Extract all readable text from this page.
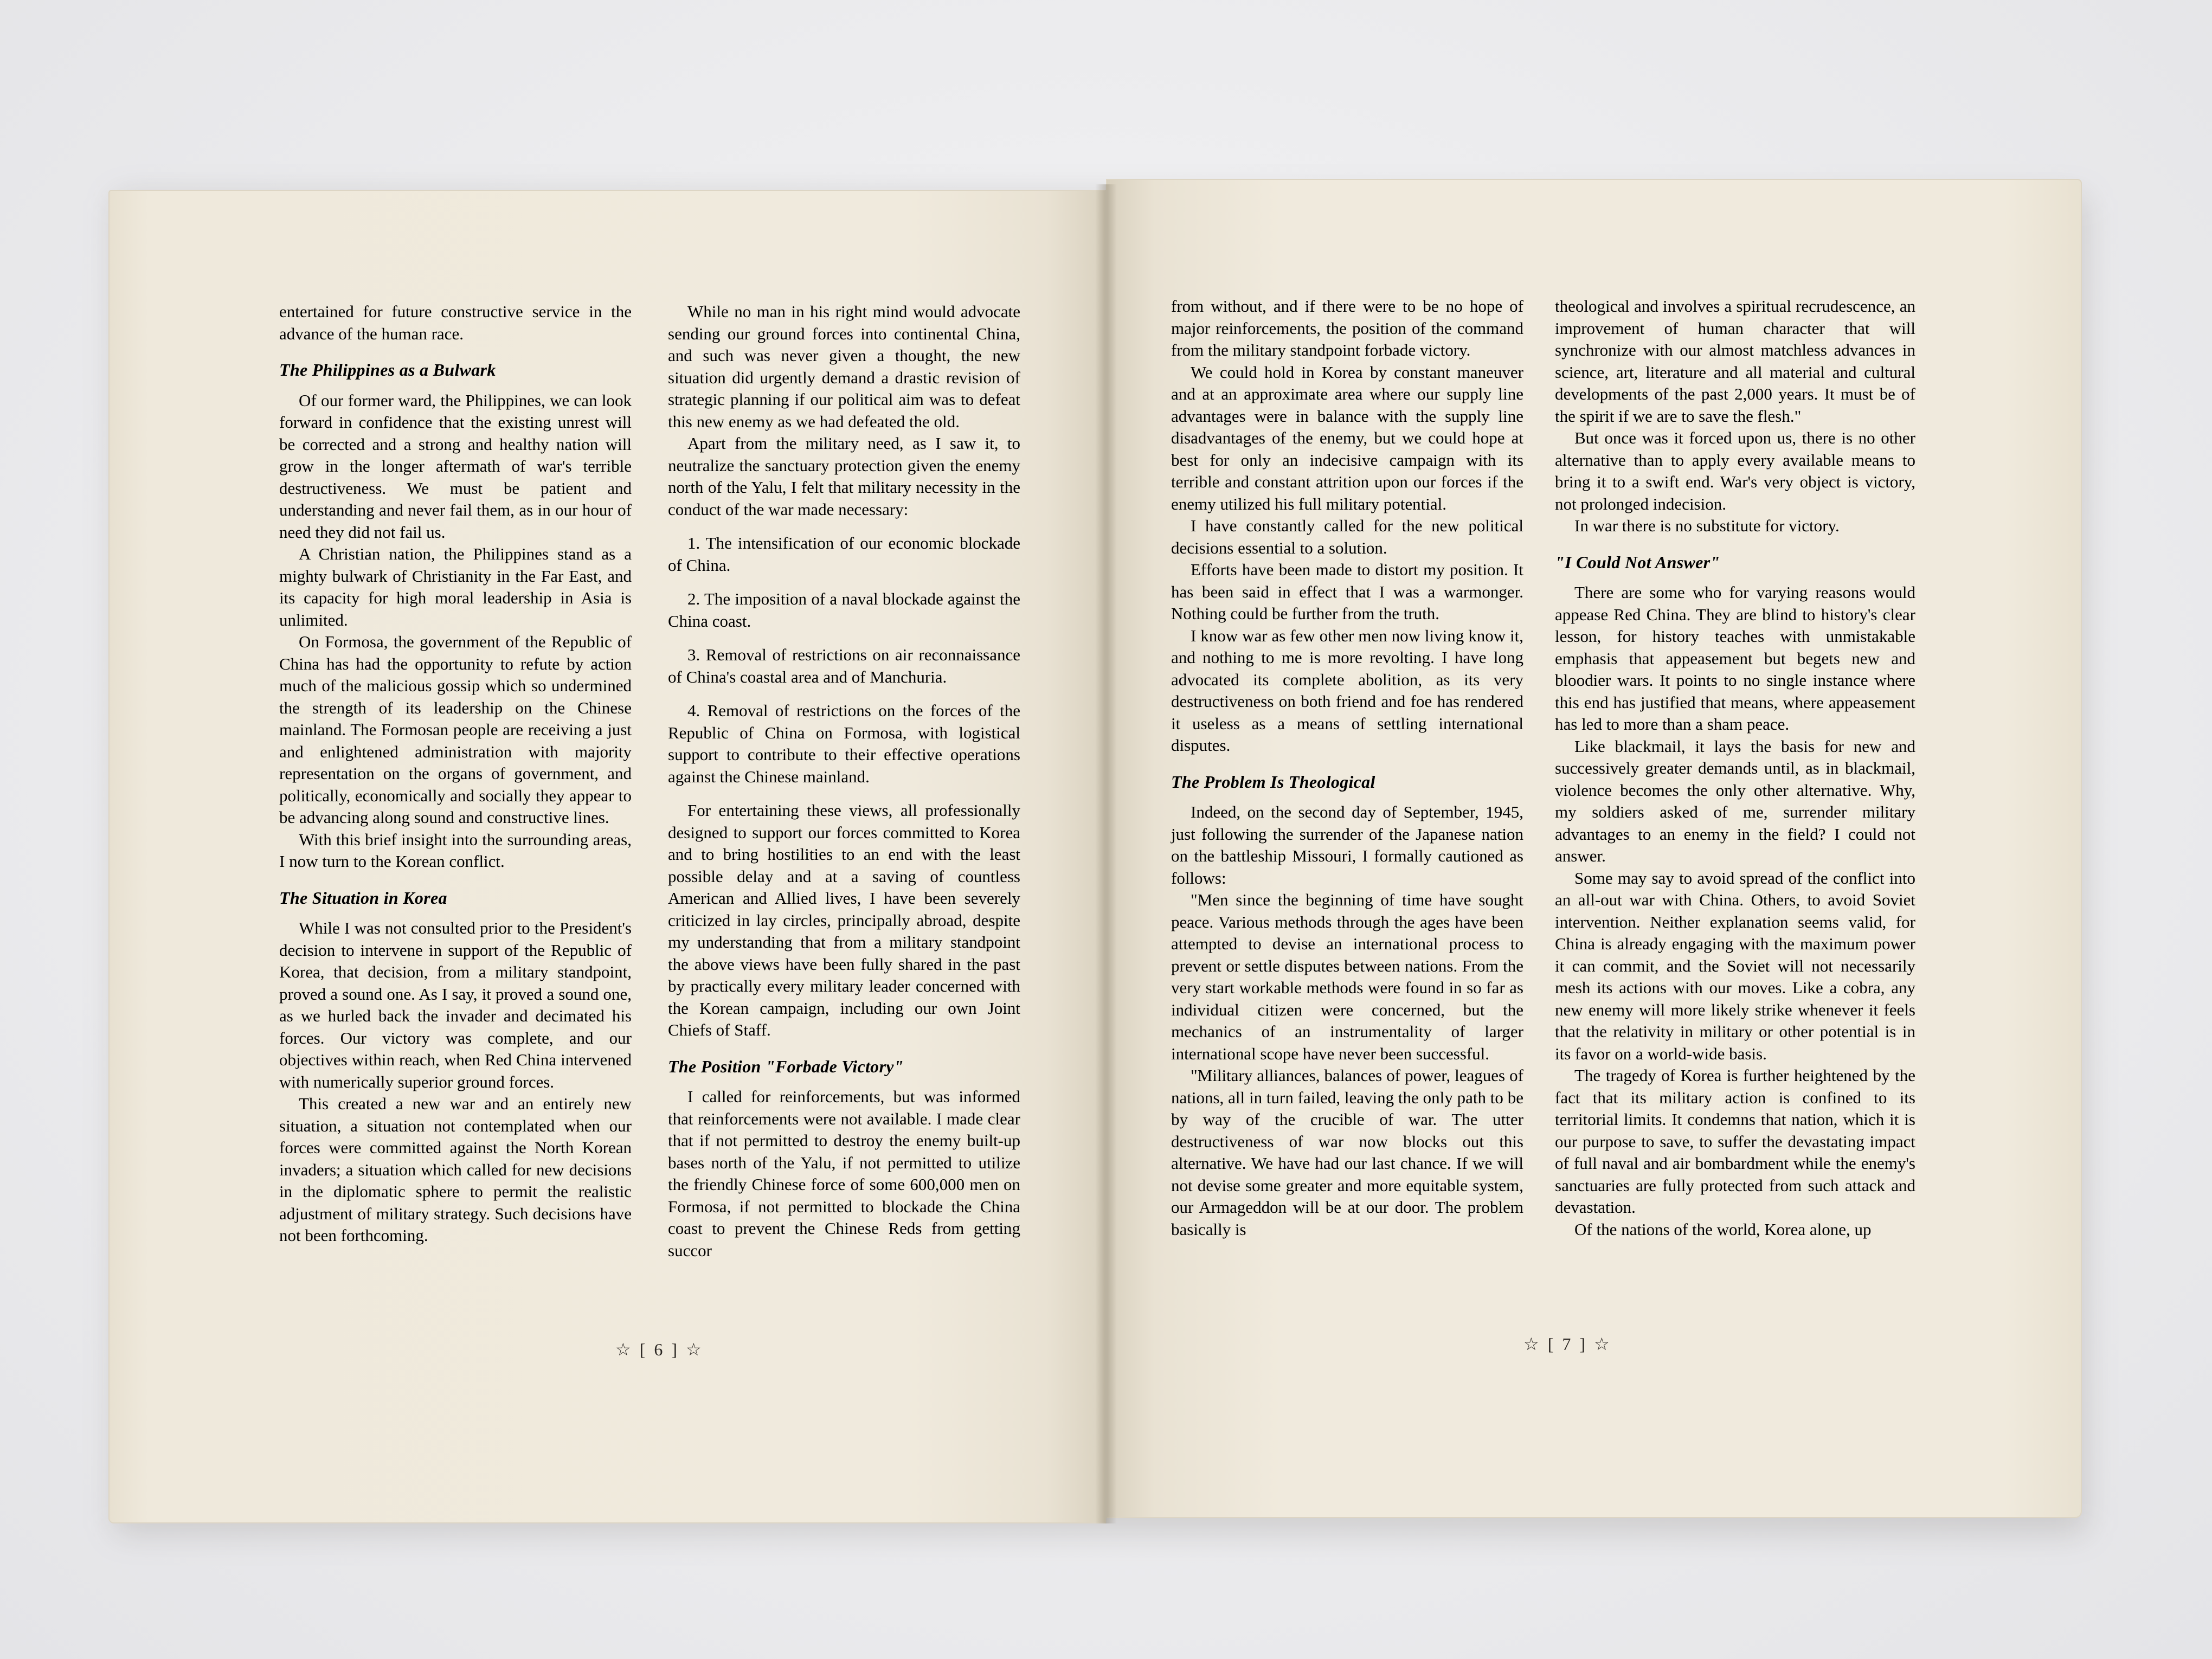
entertained for future constructive service in the advance of the human race.

The Philippines as a Bulwark

Of our former ward, the Philippines, we can look forward in confidence that the existing unrest will be corrected and a strong and healthy nation will grow in the longer aftermath of war's terrible destructiveness. We must be patient and understanding and never fail them, as in our hour of need they did not fail us.

A Christian nation, the Philippines stand as a mighty bulwark of Christianity in the Far East, and its capacity for high moral leadership in Asia is unlimited.

On Formosa, the government of the Republic of China has had the opportunity to refute by action much of the malicious gossip which so undermined the strength of its leadership on the Chinese mainland. The Formosan people are receiving a just and enlightened administration with majority representation on the organs of government, and politically, economically and socially they appear to be advancing along sound and constructive lines.

With this brief insight into the surrounding areas, I now turn to the Korean conflict.

The Situation in Korea

While I was not consulted prior to the President's decision to intervene in support of the Republic of Korea, that decision, from a military standpoint, proved a sound one. As I say, it proved a sound one, as we hurled back the invader and decimated his forces. Our victory was complete, and our objectives within reach, when Red China intervened with numerically superior ground forces.

This created a new war and an entirely new situation, a situation not contemplated when our forces were committed against the North Korean invaders; a situation which called for new decisions in the diplomatic sphere to permit the realistic adjustment of military strategy. Such decisions have not been forthcoming.

While no man in his right mind would advocate sending our ground forces into continental China, and such was never given a thought, the new situation did urgently demand a drastic revision of strategic planning if our political aim was to defeat this new enemy as we had defeated the old.

Apart from the military need, as I saw it, to neutralize the sanctuary protection given the enemy north of the Yalu, I felt that military necessity in the conduct of the war made necessary:

1. The intensification of our economic blockade of China.

2. The imposition of a naval blockade against the China coast.

3. Removal of restrictions on air reconnaissance of China's coastal area and of Manchuria.

4. Removal of restrictions on the forces of the Republic of China on Formosa, with logistical support to contribute to their effective operations against the Chinese mainland.

For entertaining these views, all professionally designed to support our forces committed to Korea and to bring hostilities to an end with the least possible delay and at a saving of countless American and Allied lives, I have been severely criticized in lay circles, principally abroad, despite my understanding that from a military standpoint the above views have been fully shared in the past by practically every military leader concerned with the Korean campaign, including our own Joint Chiefs of Staff.

The Position "Forbade Victory"

I called for reinforcements, but was informed that reinforcements were not available. I made clear that if not permitted to destroy the enemy built-up bases north of the Yalu, if not permitted to utilize the friendly Chinese force of some 600,000 men on Formosa, if not permitted to blockade the China coast to prevent the Chinese Reds from getting succor

from without, and if there were to be no hope of major reinforcements, the position of the command from the military standpoint forbade victory.

We could hold in Korea by constant maneuver and at an approximate area where our supply line advantages were in balance with the supply line disadvantages of the enemy, but we could hope at best for only an indecisive campaign with its terrible and constant attrition upon our forces if the enemy utilized his full military potential.

I have constantly called for the new political decisions essential to a solution.

Efforts have been made to distort my position. It has been said in effect that I was a warmonger. Nothing could be further from the truth.

I know war as few other men now living know it, and nothing to me is more revolting. I have long advocated its complete abolition, as its very destructiveness on both friend and foe has rendered it useless as a means of settling international disputes.

The Problem Is Theological

Indeed, on the second day of September, 1945, just following the surrender of the Japanese nation on the battleship Missouri, I formally cautioned as follows:

"Men since the beginning of time have sought peace. Various methods through the ages have been attempted to devise an international process to prevent or settle disputes between nations. From the very start workable methods were found in so far as individual citizen were concerned, but the mechanics of an instrumentality of larger international scope have never been successful.

"Military alliances, balances of power, leagues of nations, all in turn failed, leaving the only path to be by way of the crucible of war. The utter destructiveness of war now blocks out this alternative. We have had our last chance. If we will not devise some greater and more equitable system, our Armageddon will be at our door. The problem basically is

theological and involves a spiritual recrudescence, an improvement of human character that will synchronize with our almost matchless advances in science, art, literature and all material and cultural developments of the past 2,000 years. It must be of the spirit if we are to save the flesh."

But once was it forced upon us, there is no other alternative than to apply every available means to bring it to a swift end. War's very object is victory, not prolonged indecision.

In war there is no substitute for victory.

"I Could Not Answer"

There are some who for varying reasons would appease Red China. They are blind to history's clear lesson, for history teaches with unmistakable emphasis that appeasement but begets new and bloodier wars. It points to no single instance where this end has justified that means, where appeasement has led to more than a sham peace.

Like blackmail, it lays the basis for new and successively greater demands until, as in blackmail, violence becomes the only other alternative. Why, my soldiers asked of me, surrender military advantages to an enemy in the field? I could not answer.

Some may say to avoid spread of the conflict into an all-out war with China. Others, to avoid Soviet intervention. Neither explanation seems valid, for China is already engaging with the maximum power it can commit, and the Soviet will not necessarily mesh its actions with our moves. Like a cobra, any new enemy will more likely strike whenever it feels that the relativity in military or other potential is in its favor on a world-wide basis.

The tragedy of Korea is further heightened by the fact that its military action is confined to its territorial limits. It condemns that nation, which it is our purpose to save, to suffer the devastating impact of full naval and air bombardment while the enemy's sanctuaries are fully protected from such attack and devastation.

Of the nations of the world, Korea alone, up

☆ [ 6 ] ☆	☆ [ 7 ] ☆
